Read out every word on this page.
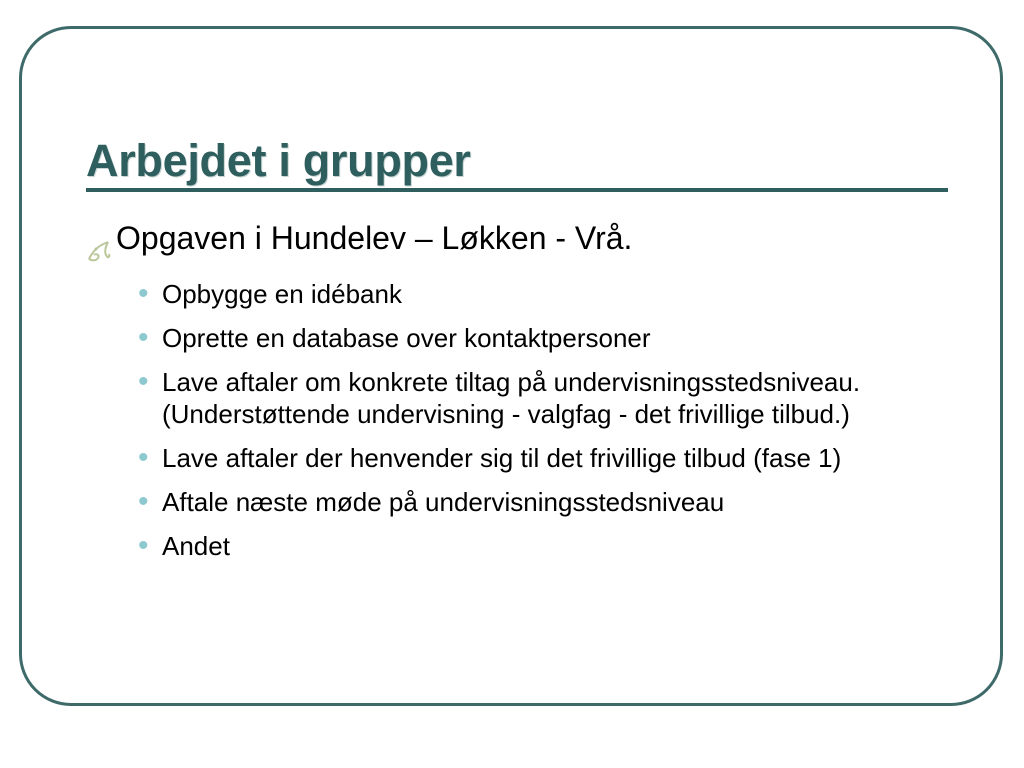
Arbejdet i grupper
Opgaven i Hundelev – Løkken - Vrå.
• Opbygge en idébank
• Oprette en database over kontaktpersoner
• Lave aftaler om konkrete tiltag på undervisningsstedsniveau. (Understøttende undervisning - valgfag - det frivillige tilbud.)
• Lave aftaler der henvender sig til det frivillige tilbud (fase 1)
• Aftale næste møde på undervisningsstedsniveau
• Andet
